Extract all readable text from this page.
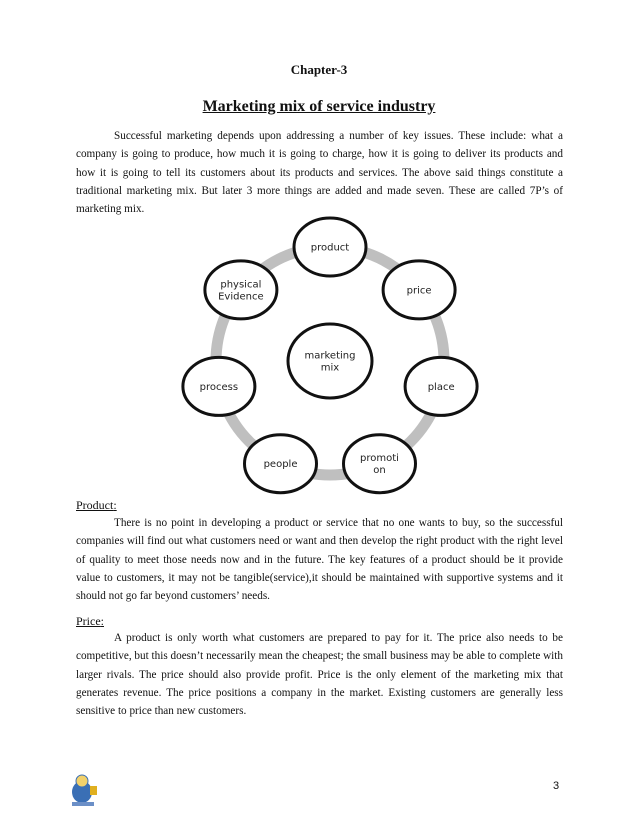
Chapter-3
Marketing mix of service industry

Successful marketing depends upon addressing a number of key issues. These include: what a company is going to produce, how much it is going to charge, how it is going to deliver its products and how it is going to tell its customers about its products and services. The above said things constitute a traditional marketing mix. But later 3 more things are added and made seven. These are called 7P’s of marketing mix.

marketing
mix
product
price
place
promoti
on
people
process
physical
Evidence
Product:

There is no point in developing a product or service that no one wants to buy, so the successful companies will find out what customers need or want and then develop the right product with the right level of quality to meet those needs now and in the future. The key features of a product should be it provide value to customers, it may not be tangible(service),it should be maintained with supportive systems and it should not go far beyond customers’ needs.

Price:

A product is only worth what customers are prepared to pay for it. The price also needs to be competitive, but this doesn’t necessarily mean the cheapest; the small business may be able to complete with larger rivals. The price should also provide profit. Price is the only element of the marketing mix that generates revenue. The price positions a company in the market. Existing customers are generally less sensitive to price than new customers.

3
